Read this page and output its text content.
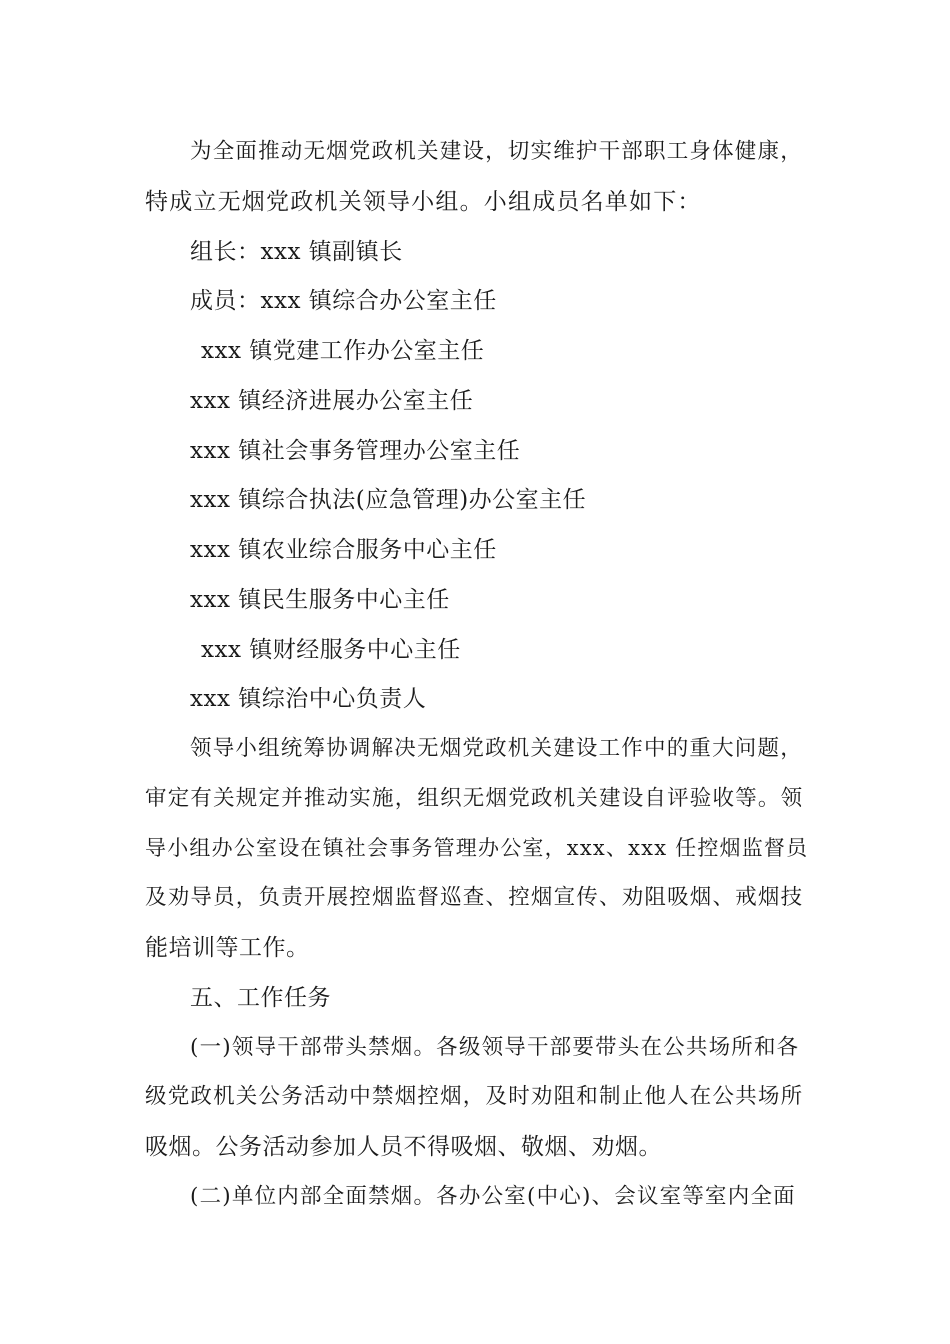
为全面推动无烟党政机关建设，切实维护干部职工身体健康，
特成立无烟党政机关领导小组。小组成员名单如下：
组长：xxx 镇副镇长
成员：xxx 镇综合办公室主任
xxx 镇党建工作办公室主任
xxx 镇经济进展办公室主任
xxx 镇社会事务管理办公室主任
xxx 镇综合执法(应急管理)办公室主任
xxx 镇农业综合服务中心主任
xxx 镇民生服务中心主任
xxx 镇财经服务中心主任
xxx 镇综治中心负责人
领导小组统筹协调解决无烟党政机关建设工作中的重大问题，
审定有关规定并推动实施，组织无烟党政机关建设自评验收等。领
导小组办公室设在镇社会事务管理办公室，xxx、xxx 任控烟监督员
及劝导员，负责开展控烟监督巡查、控烟宣传、劝阻吸烟、戒烟技
能培训等工作。
五、工作任务
(一)领导干部带头禁烟。各级领导干部要带头在公共场所和各
级党政机关公务活动中禁烟控烟，及时劝阻和制止他人在公共场所
吸烟。公务活动参加人员不得吸烟、敬烟、劝烟。
(二)单位内部全面禁烟。各办公室(中心)、会议室等室内全面
